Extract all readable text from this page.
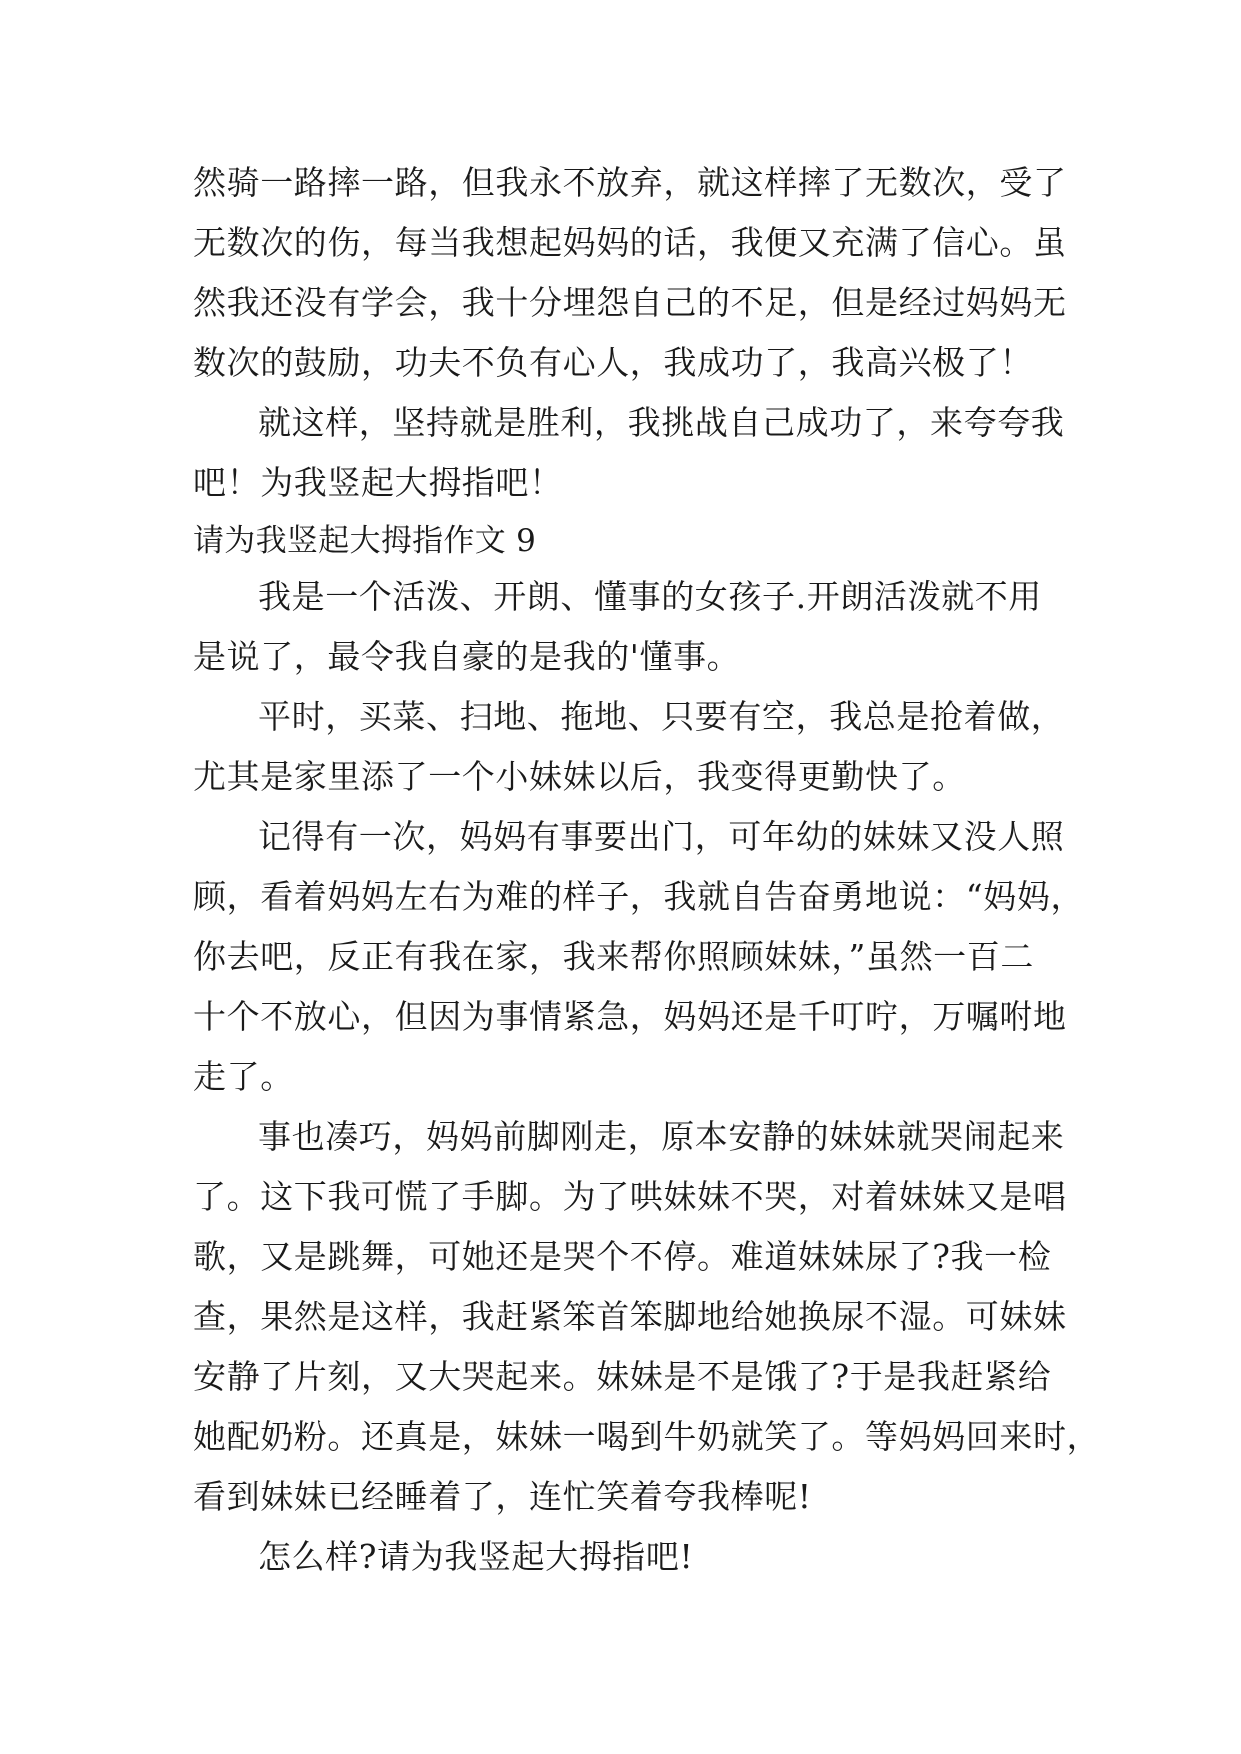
然骑一路摔一路，但我永不放弃，就这样摔了无数次，受了
无数次的伤，每当我想起妈妈的话，我便又充满了信心。虽
然我还没有学会，我十分埋怨自己的不足，但是经过妈妈无
数次的鼓励，功夫不负有心人，我成功了，我高兴极了！
就这样，坚持就是胜利，我挑战自己成功了，来夸夸我
吧！为我竖起大拇指吧！
请为我竖起大拇指作文 9
我是一个活泼、开朗、懂事的女孩子.开朗活泼就不用
是说了，最令我自豪的是我的'懂事。
平时，买菜、扫地、拖地、只要有空，我总是抢着做，
尤其是家里添了一个小妹妹以后，我变得更勤快了。
记得有一次，妈妈有事要出门，可年幼的妹妹又没人照
顾，看着妈妈左右为难的样子，我就自告奋勇地说：“妈妈，
你去吧，反正有我在家，我来帮你照顾妹妹，”虽然一百二
十个不放心，但因为事情紧急，妈妈还是千叮咛，万嘱咐地
走了。
事也凑巧，妈妈前脚刚走，原本安静的妹妹就哭闹起来
了。这下我可慌了手脚。为了哄妹妹不哭，对着妹妹又是唱
歌，又是跳舞，可她还是哭个不停。难道妹妹尿了?我一检
查，果然是这样，我赶紧笨首笨脚地给她换尿不湿。可妹妹
安静了片刻，又大哭起来。妹妹是不是饿了?于是我赶紧给
她配奶粉。还真是，妹妹一喝到牛奶就笑了。等妈妈回来时，
看到妹妹已经睡着了，连忙笑着夸我棒呢!
怎么样?请为我竖起大拇指吧!
